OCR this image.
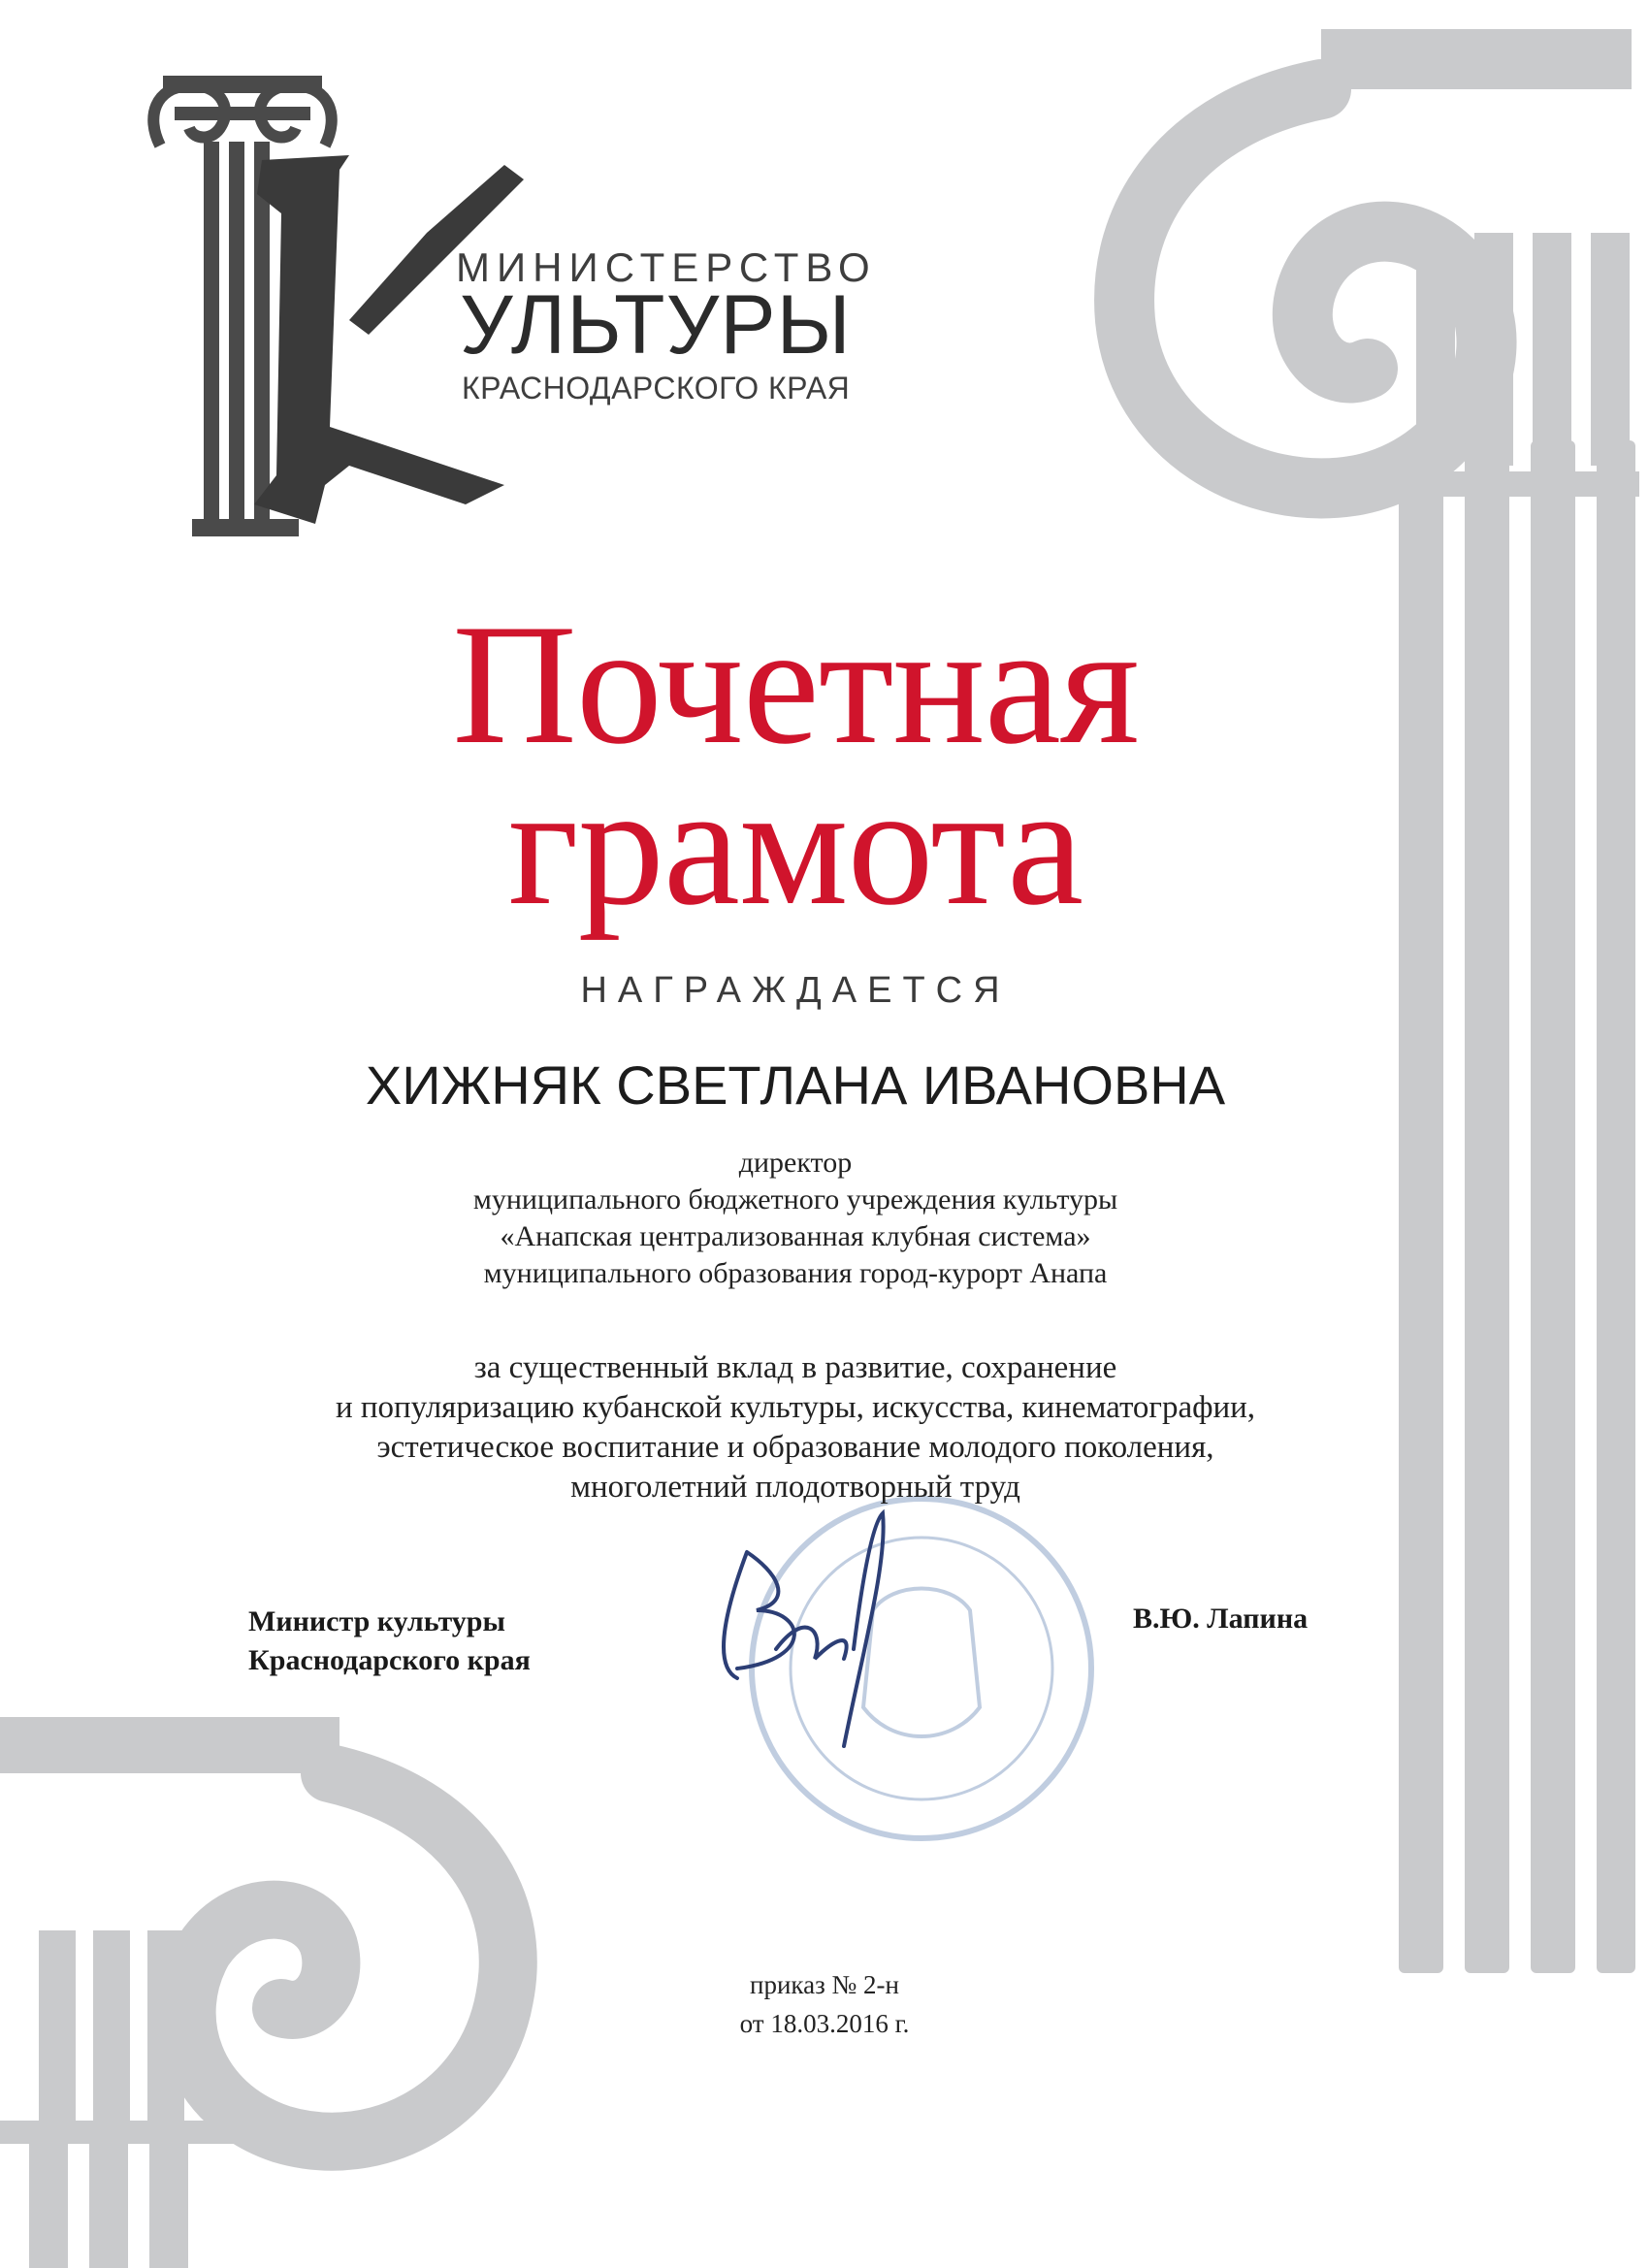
МИНИСТЕРСТВО
УЛЬТУРЫ
КРАСНОДАРСКОГО КРАЯ
Почетная
грамота
НАГРАЖДАЕТСЯ
ХИЖНЯК СВЕТЛАНА ИВАНОВНА
директор
муниципального бюджетного учреждения культуры
«Анапская централизованная клубная система»
муниципального образования город-курорт Анапа
за существенный вклад в развитие, сохранение
и популяризацию кубанской культуры, искусства, кинематографии,
эстетическое воспитание и образование молодого поколения,
многолетний плодотворный труд
Министр культуры
Краснодарского края
В.Ю. Лапина
приказ № 2-н
от 18.03.2016 г.
